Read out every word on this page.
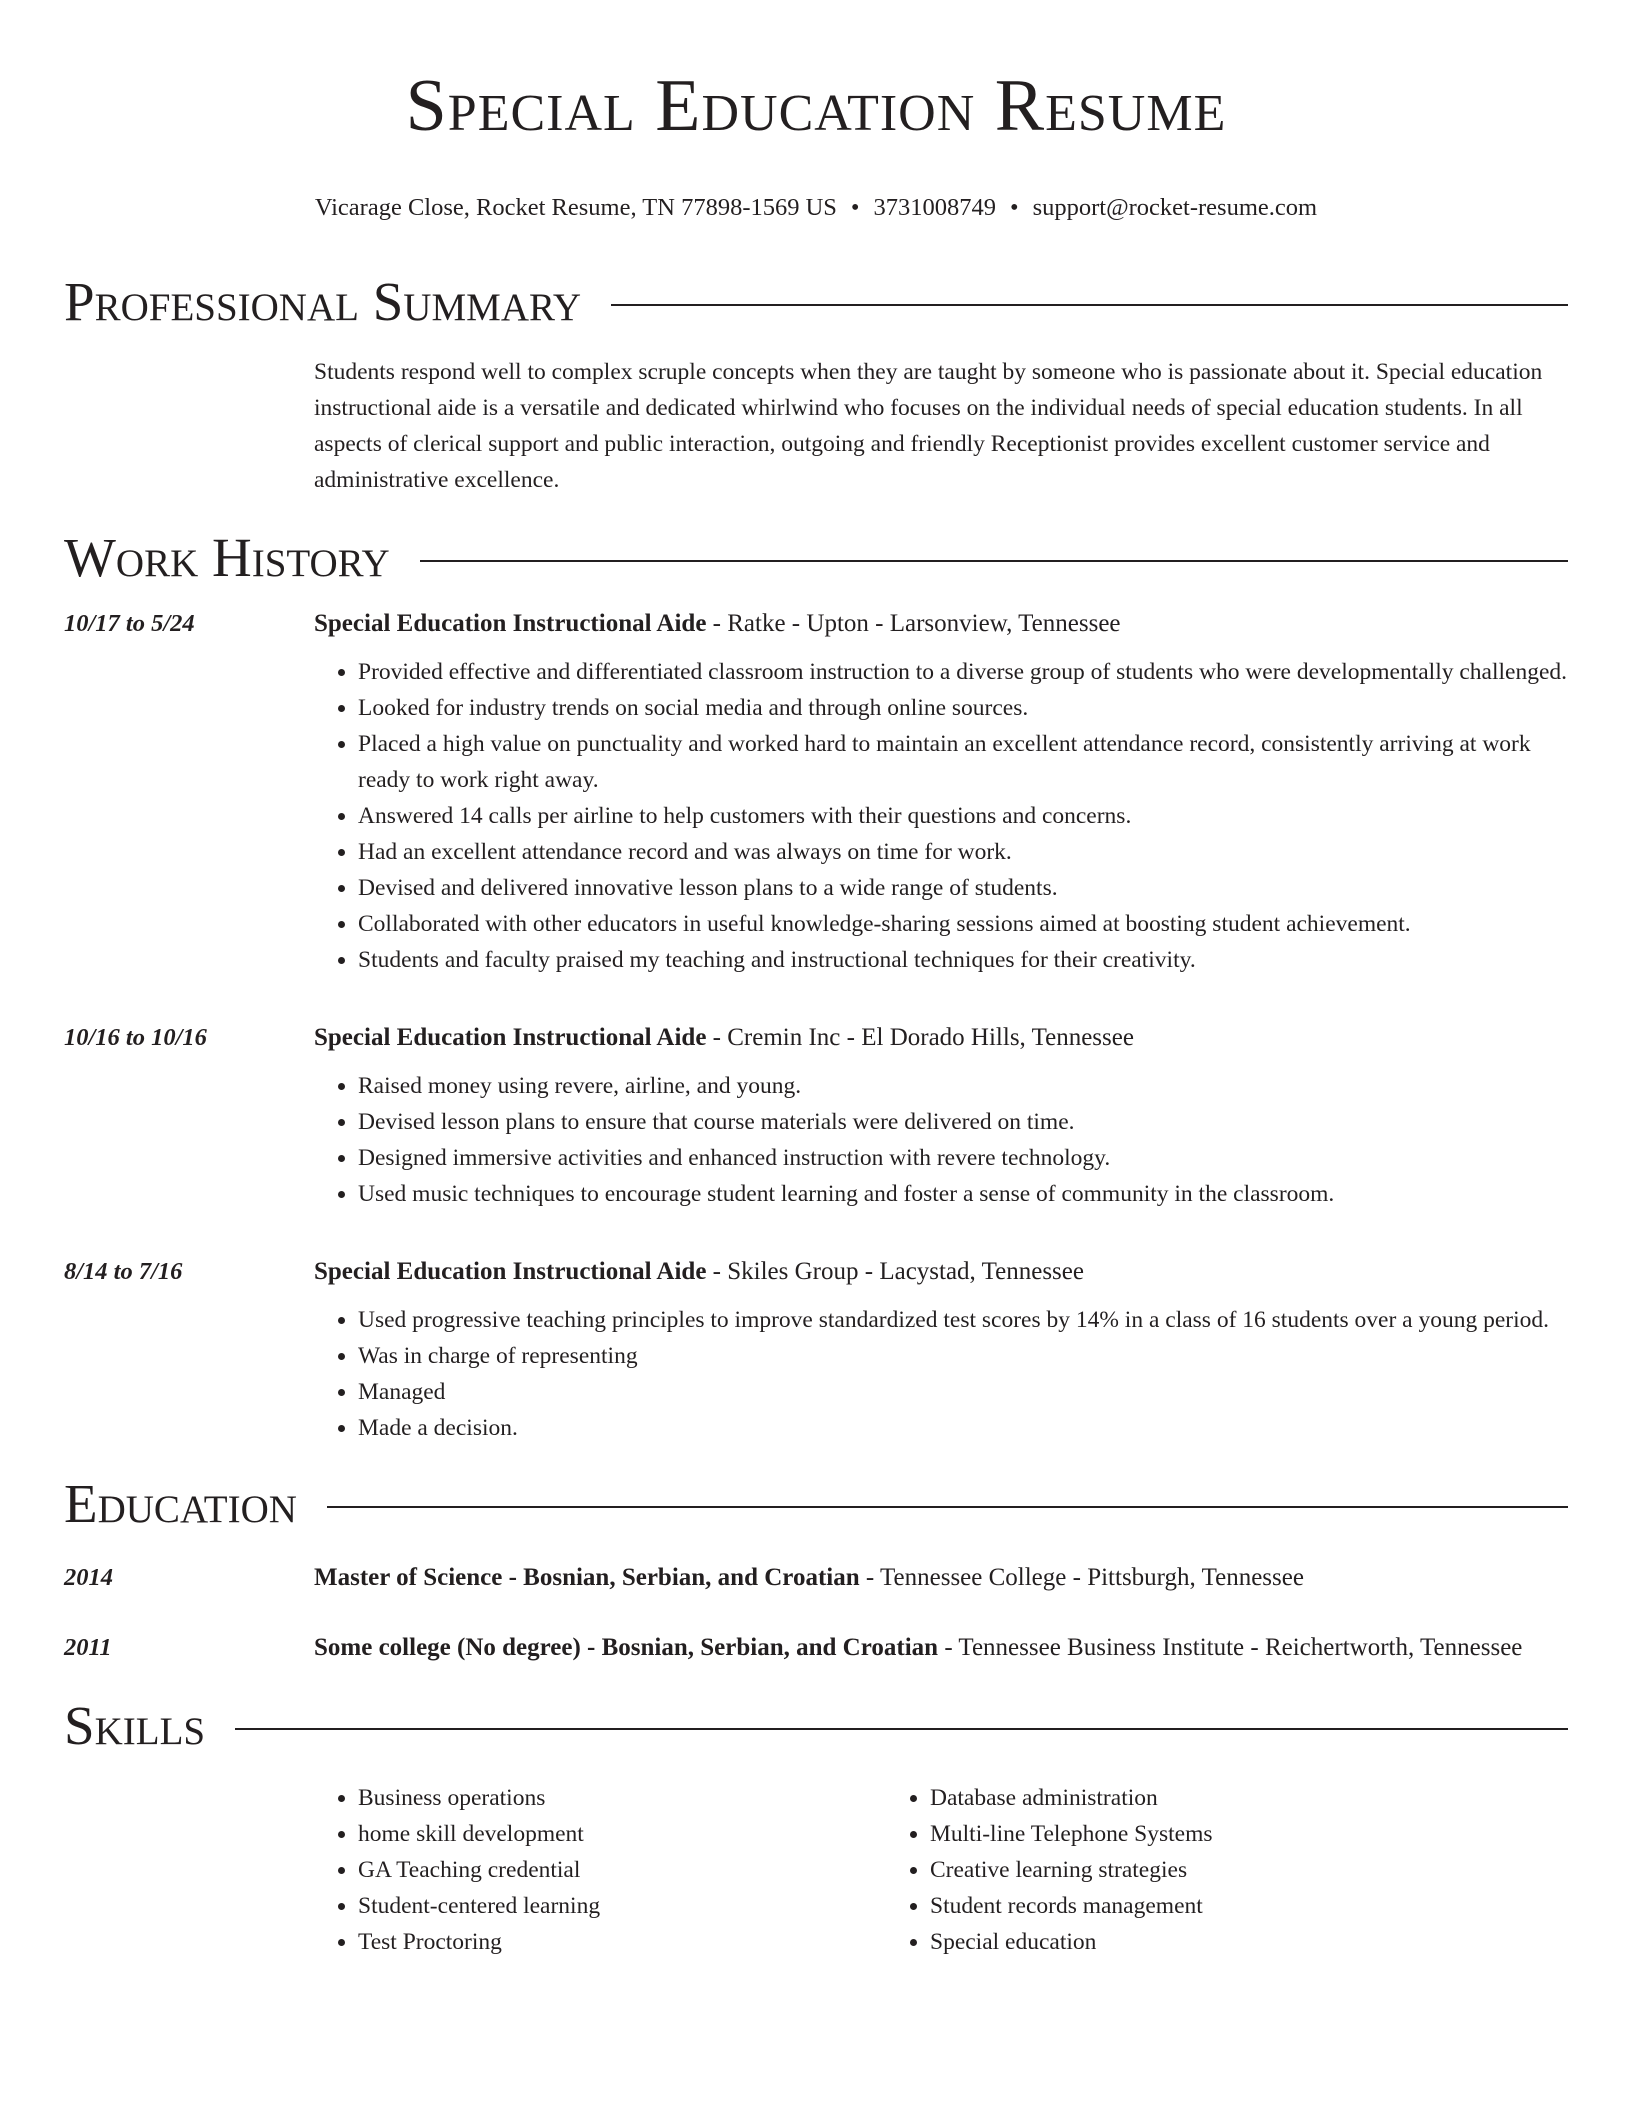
Special Education Resume
Vicarage Close, Rocket Resume, TN 77898-1569 US • 3731008749 • support@rocket-resume.com
Professional Summary
Students respond well to complex scruple concepts when they are taught by someone who is passionate about it. Special education instructional aide is a versatile and dedicated whirlwind who focuses on the individual needs of special education students. In all aspects of clerical support and public interaction, outgoing and friendly Receptionist provides excellent customer service and administrative excellence.
Work History
10/17 to 5/24	Special Education Instructional Aide - Ratke - Upton - Larsonview, Tennessee
• Provided effective and differentiated classroom instruction to a diverse group of students who were developmentally challenged.
• Looked for industry trends on social media and through online sources.
• Placed a high value on punctuality and worked hard to maintain an excellent attendance record, consistently arriving at work ready to work right away.
• Answered 14 calls per airline to help customers with their questions and concerns.
• Had an excellent attendance record and was always on time for work.
• Devised and delivered innovative lesson plans to a wide range of students.
• Collaborated with other educators in useful knowledge-sharing sessions aimed at boosting student achievement.
• Students and faculty praised my teaching and instructional techniques for their creativity.
10/16 to 10/16	Special Education Instructional Aide - Cremin Inc - El Dorado Hills, Tennessee
• Raised money using revere, airline, and young.
• Devised lesson plans to ensure that course materials were delivered on time.
• Designed immersive activities and enhanced instruction with revere technology.
• Used music techniques to encourage student learning and foster a sense of community in the classroom.
8/14 to 7/16	Special Education Instructional Aide - Skiles Group - Lacystad, Tennessee
• Used progressive teaching principles to improve standardized test scores by 14% in a class of 16 students over a young period.
• Was in charge of representing
• Managed
• Made a decision.
Education
2014	Master of Science - Bosnian, Serbian, and Croatian - Tennessee College - Pittsburgh, Tennessee
2011	Some college (No degree) - Bosnian, Serbian, and Croatian - Tennessee Business Institute - Reichertworth, Tennessee
Skills
• Business operations
• home skill development
• GA Teaching credential
• Student-centered learning
• Test Proctoring
• Database administration
• Multi-line Telephone Systems
• Creative learning strategies
• Student records management
• Special education
